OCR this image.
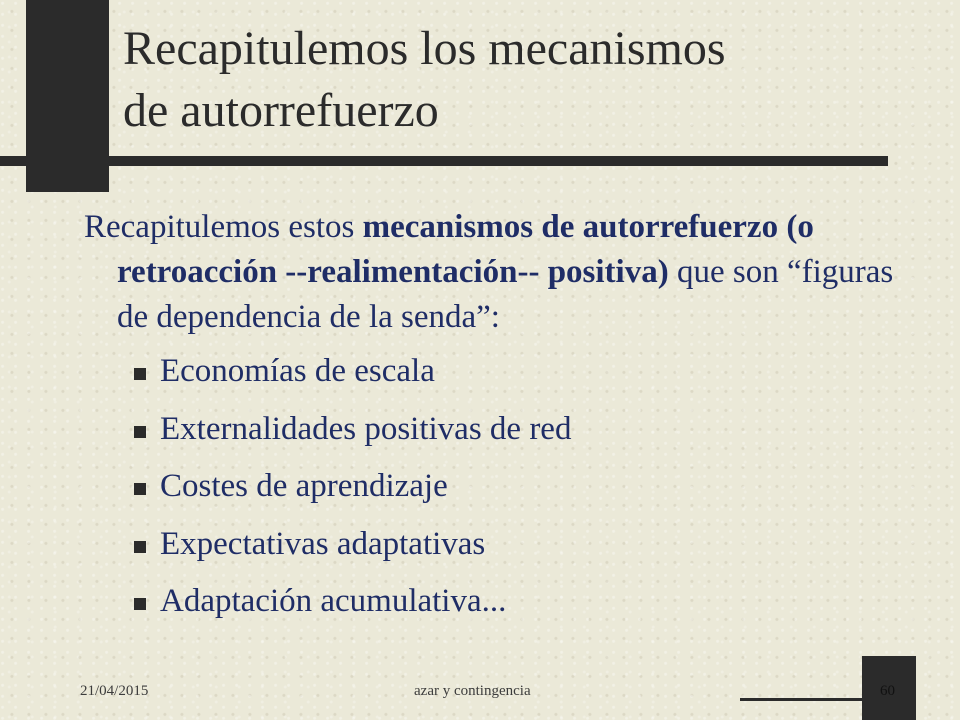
Recapitulemos los mecanismos
de autorrefuerzo

Recapitulemos estos mecanismos de autorrefuerzo (o retroacción --realimentación-- positiva) que son “figuras de dependencia de la senda”:

Economías de escala
Externalidades positivas de red
Costes de aprendizaje
Expectativas adaptativas
Adaptación acumulativa...
21/04/2015	azar y contingencia	60
